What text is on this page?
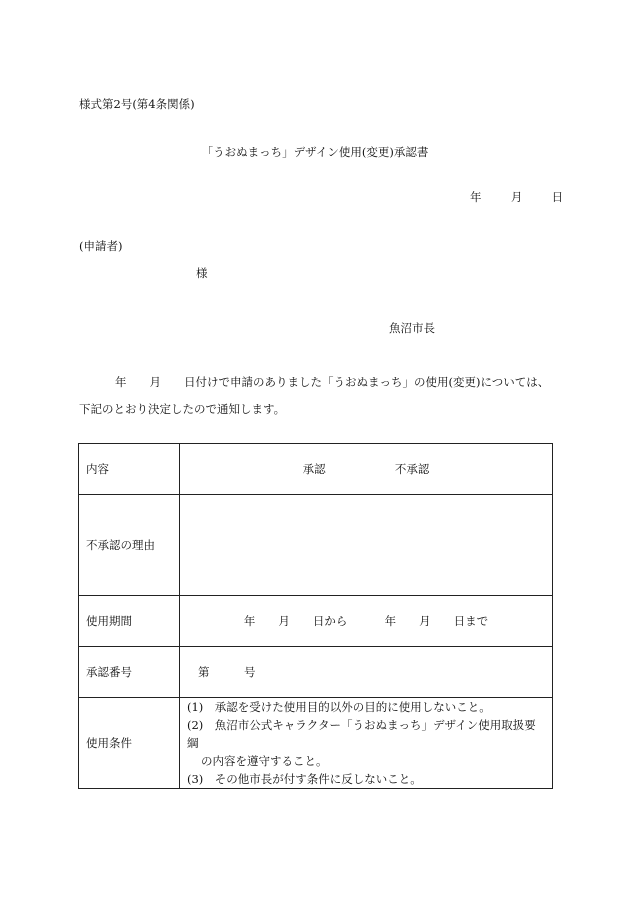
様式第2号(第4条関係)
「うおぬまっち」デザイン使用(変更)承認書
年	月	日
(申請者)
様
魚沼市長
年　　月　　日付けで申請のありました「うおぬまっち」の使用(変更)については、
下記のとおり決定したので通知します。
内容	承認 不承認
不承認の理由	
使用期間	年　　月　　日から 年　　月　　日まで
承認番号	第　　　号
使用条件	(1)　承認を受けた使用目的以外の目的に使用しないこと。
(2)　魚沼市公式キャラクター「うおぬまっち」デザイン使用取扱要綱
の内容を遵守すること。
(3)　その他市長が付す条件に反しないこと。
